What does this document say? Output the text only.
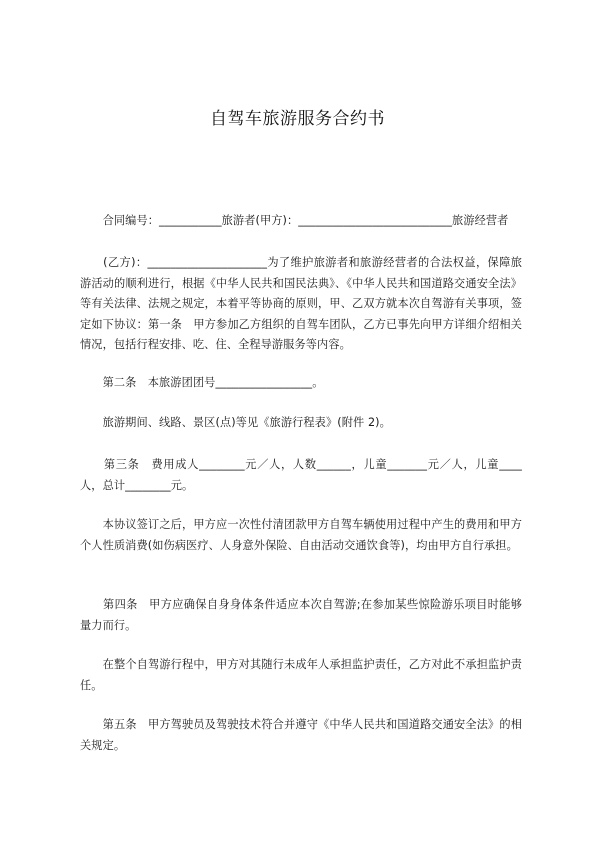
自驾车旅游服务合约书
　　合同编号：___________旅游者(甲方)：___________________________旅游经营者
　　(乙方)：_____________________为了维护旅游者和旅游经营者的合法权益，保障旅游活动的顺利进行，根据《中华人民共和国民法典》、《中华人民共和国道路交通安全法》等有关法律、法规之规定，本着平等协商的原则，甲、乙双方就本次自驾游有关事项，签定如下协议：第一条　甲方参加乙方组织的自驾车团队，乙方已事先向甲方详细介绍相关情况，包括行程安排、吃、住、全程导游服务等内容。
　　第二条　本旅游团团号_________________。
　　旅游期间、线路、景区(点)等见《旅游行程表》(附件 2)。
　　第三条　费用成人________元／人，人数______，儿童_______元／人，儿童____人，总计________元。
　　本协议签订之后，甲方应一次性付清团款甲方自驾车辆使用过程中产生的费用和甲方个人性质消费(如伤病医疗、人身意外保险、自由活动交通饮食等)，均由甲方自行承担。
　　第四条　甲方应确保自身身体条件适应本次自驾游;在参加某些惊险游乐项目时能够量力而行。
　　在整个自驾游行程中，甲方对其随行未成年人承担监护责任，乙方对此不承担监护责任。
　　第五条　甲方驾驶员及驾驶技术符合并遵守《中华人民共和国道路交通安全法》的相关规定。
